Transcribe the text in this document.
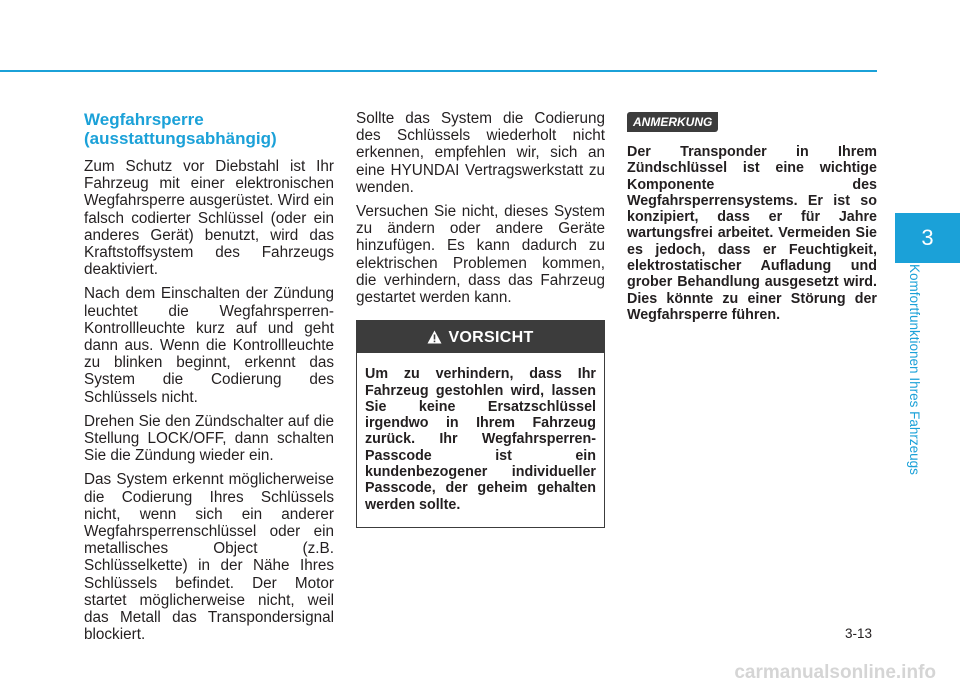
Wegfahrsperre (ausstattungsabhängig)

Zum Schutz vor Diebstahl ist Ihr Fahrzeug mit einer elektronischen Wegfahrsperre ausgerüstet. Wird ein falsch codierter Schlüssel (oder ein anderes Gerät) benutzt, wird das Kraftstoffsystem des Fahrzeugs deaktiviert.

Nach dem Einschalten der Zündung leuchtet die Wegfahrsperren-Kontrollleuchte kurz auf und geht dann aus. Wenn die Kontrollleuchte zu blinken beginnt, erkennt das System die Codierung des Schlüssels nicht.

Drehen Sie den Zündschalter auf die Stellung LOCK/OFF, dann schalten Sie die Zündung wieder ein.

Das System erkennt möglicherweise die Codierung Ihres Schlüssels nicht, wenn sich ein anderer Wegfahrsperrenschlüssel oder ein metallisches Object (z.B. Schlüsselkette) in der Nähe Ihres Schlüssels befindet. Der Motor startet möglicherweise nicht, weil das Metall das Transpondersignal blockiert.

Sollte das System die Codierung des Schlüssels wiederholt nicht erkennen, empfehlen wir, sich an eine HYUNDAI Vertragswerkstatt zu wenden.

Versuchen Sie nicht, dieses System zu ändern oder andere Geräte hinzufügen. Es kann dadurch zu elektrischen Problemen kommen, die verhindern, dass das Fahrzeug gestartet werden kann.

VORSICHT
Um zu verhindern, dass Ihr Fahrzeug gestohlen wird, lassen Sie keine Ersatzschlüssel irgendwo in Ihrem Fahrzeug zurück. Ihr Wegfahrsperren-Passcode ist ein kundenbezogener individueller Passcode, der geheim gehalten werden sollte.
ANMERKUNG
Der Transponder in Ihrem Zündschlüssel ist eine wichtige Komponente des Wegfahrsperrensystems. Er ist so konzipiert, dass er für Jahre wartungsfrei arbeitet. Vermeiden Sie es jedoch, dass er Feuchtigkeit, elektrostatischer Aufladung und grober Behandlung ausgesetzt wird. Dies könnte zu einer Störung der Wegfahrsperre führen.
3
Komfortfunktionen Ihres Fahrzeugs
3-13
carmanualsonline.info
